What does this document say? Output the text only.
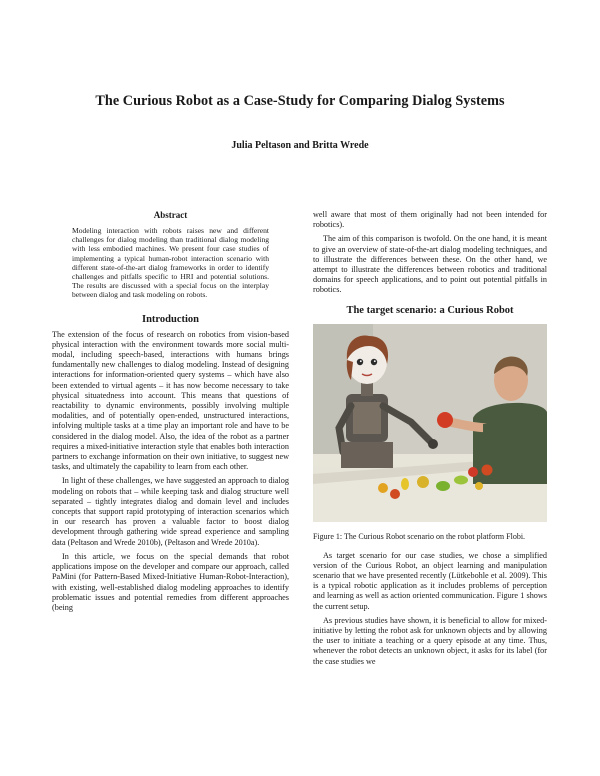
The Curious Robot as a Case-Study for Comparing Dialog Systems
Julia Peltason and Britta Wrede
Abstract
Modeling interaction with robots raises new and different challenges for dialog modeling than traditional dialog modeling with less embodied machines. We present four case studies of implementing a typical human-robot interaction scenario with different state-of-the-art dialog frameworks in order to identify challenges and pitfalls specific to HRI and potential solutions. The results are discussed with a special focus on the interplay between dialog and task modeling on robots.
Introduction

The extension of the focus of research on robotics from vision-based physical interaction with the environment towards more social multi-modal, including speech-based, interactions with humans brings fundamentally new challenges to dialog modeling. Instead of designing interactions for information-oriented query systems – which have also been extended to virtual agents – it has now become necessary to take physical situatedness into account. This means that questions of reactability to dynamic environments, possibly involving multiple modalities, and of potentially open-ended, unstructured interactions, infolving multiple tasks at a time play an important role and have to be considered in the dialog model. Also, the idea of the robot as a partner requires a mixed-initiative interaction style that enables both interaction partners to exchange information on their own initiative, to suggest new tasks, and ultimately the capability to learn from each other.

In light of these challenges, we have suggested an approach to dialog modeling on robots that – while keeping task and dialog structure well separated – tightly integrates dialog and domain level and includes concepts that support rapid prototyping of interaction scenarios which in our research has proven a valuable factor to boost dialog development through gathering wide spread experience and sampling data (Peltason and Wrede 2010b), (Peltason and Wrede 2010a).

In this article, we focus on the special demands that robot applications impose on the developer and compare our approach, called PaMini (for Pattern-Based Mixed-Initiative Human-Robot-Interaction), with existing, well-established dialog modeling approaches to identify problematic issues and potential remedies from different approaches (being

well aware that most of them originally had not been intended for robotics).

The aim of this comparison is twofold. On the one hand, it is meant to give an overview of state-of-the-art dialog modeling techniques, and to illustrate the differences between these. On the other hand, we attempt to illustrate the differences between robotics and traditional domains for speech applications, and to point out potential pitfalls in robotics.

The target scenario: a Curious Robot
Figure 1: The Curious Robot scenario on the robot platform Flobi.

As target scenario for our case studies, we chose a simplified version of the Curious Robot, an object learning and manipulation scenario that we have presented recently (Lütkebohle et al. 2009). This is a typical robotic application as it includes problems of perception and learning as well as action oriented communication. Figure 1 shows the current setup.

As previous studies have shown, it is beneficial to allow for mixed-initiative by letting the robot ask for unknown objects and by allowing the user to initiate a teaching or a query episode at any time. Thus, whenever the robot detects an unknown object, it asks for its label (for the case studies we
